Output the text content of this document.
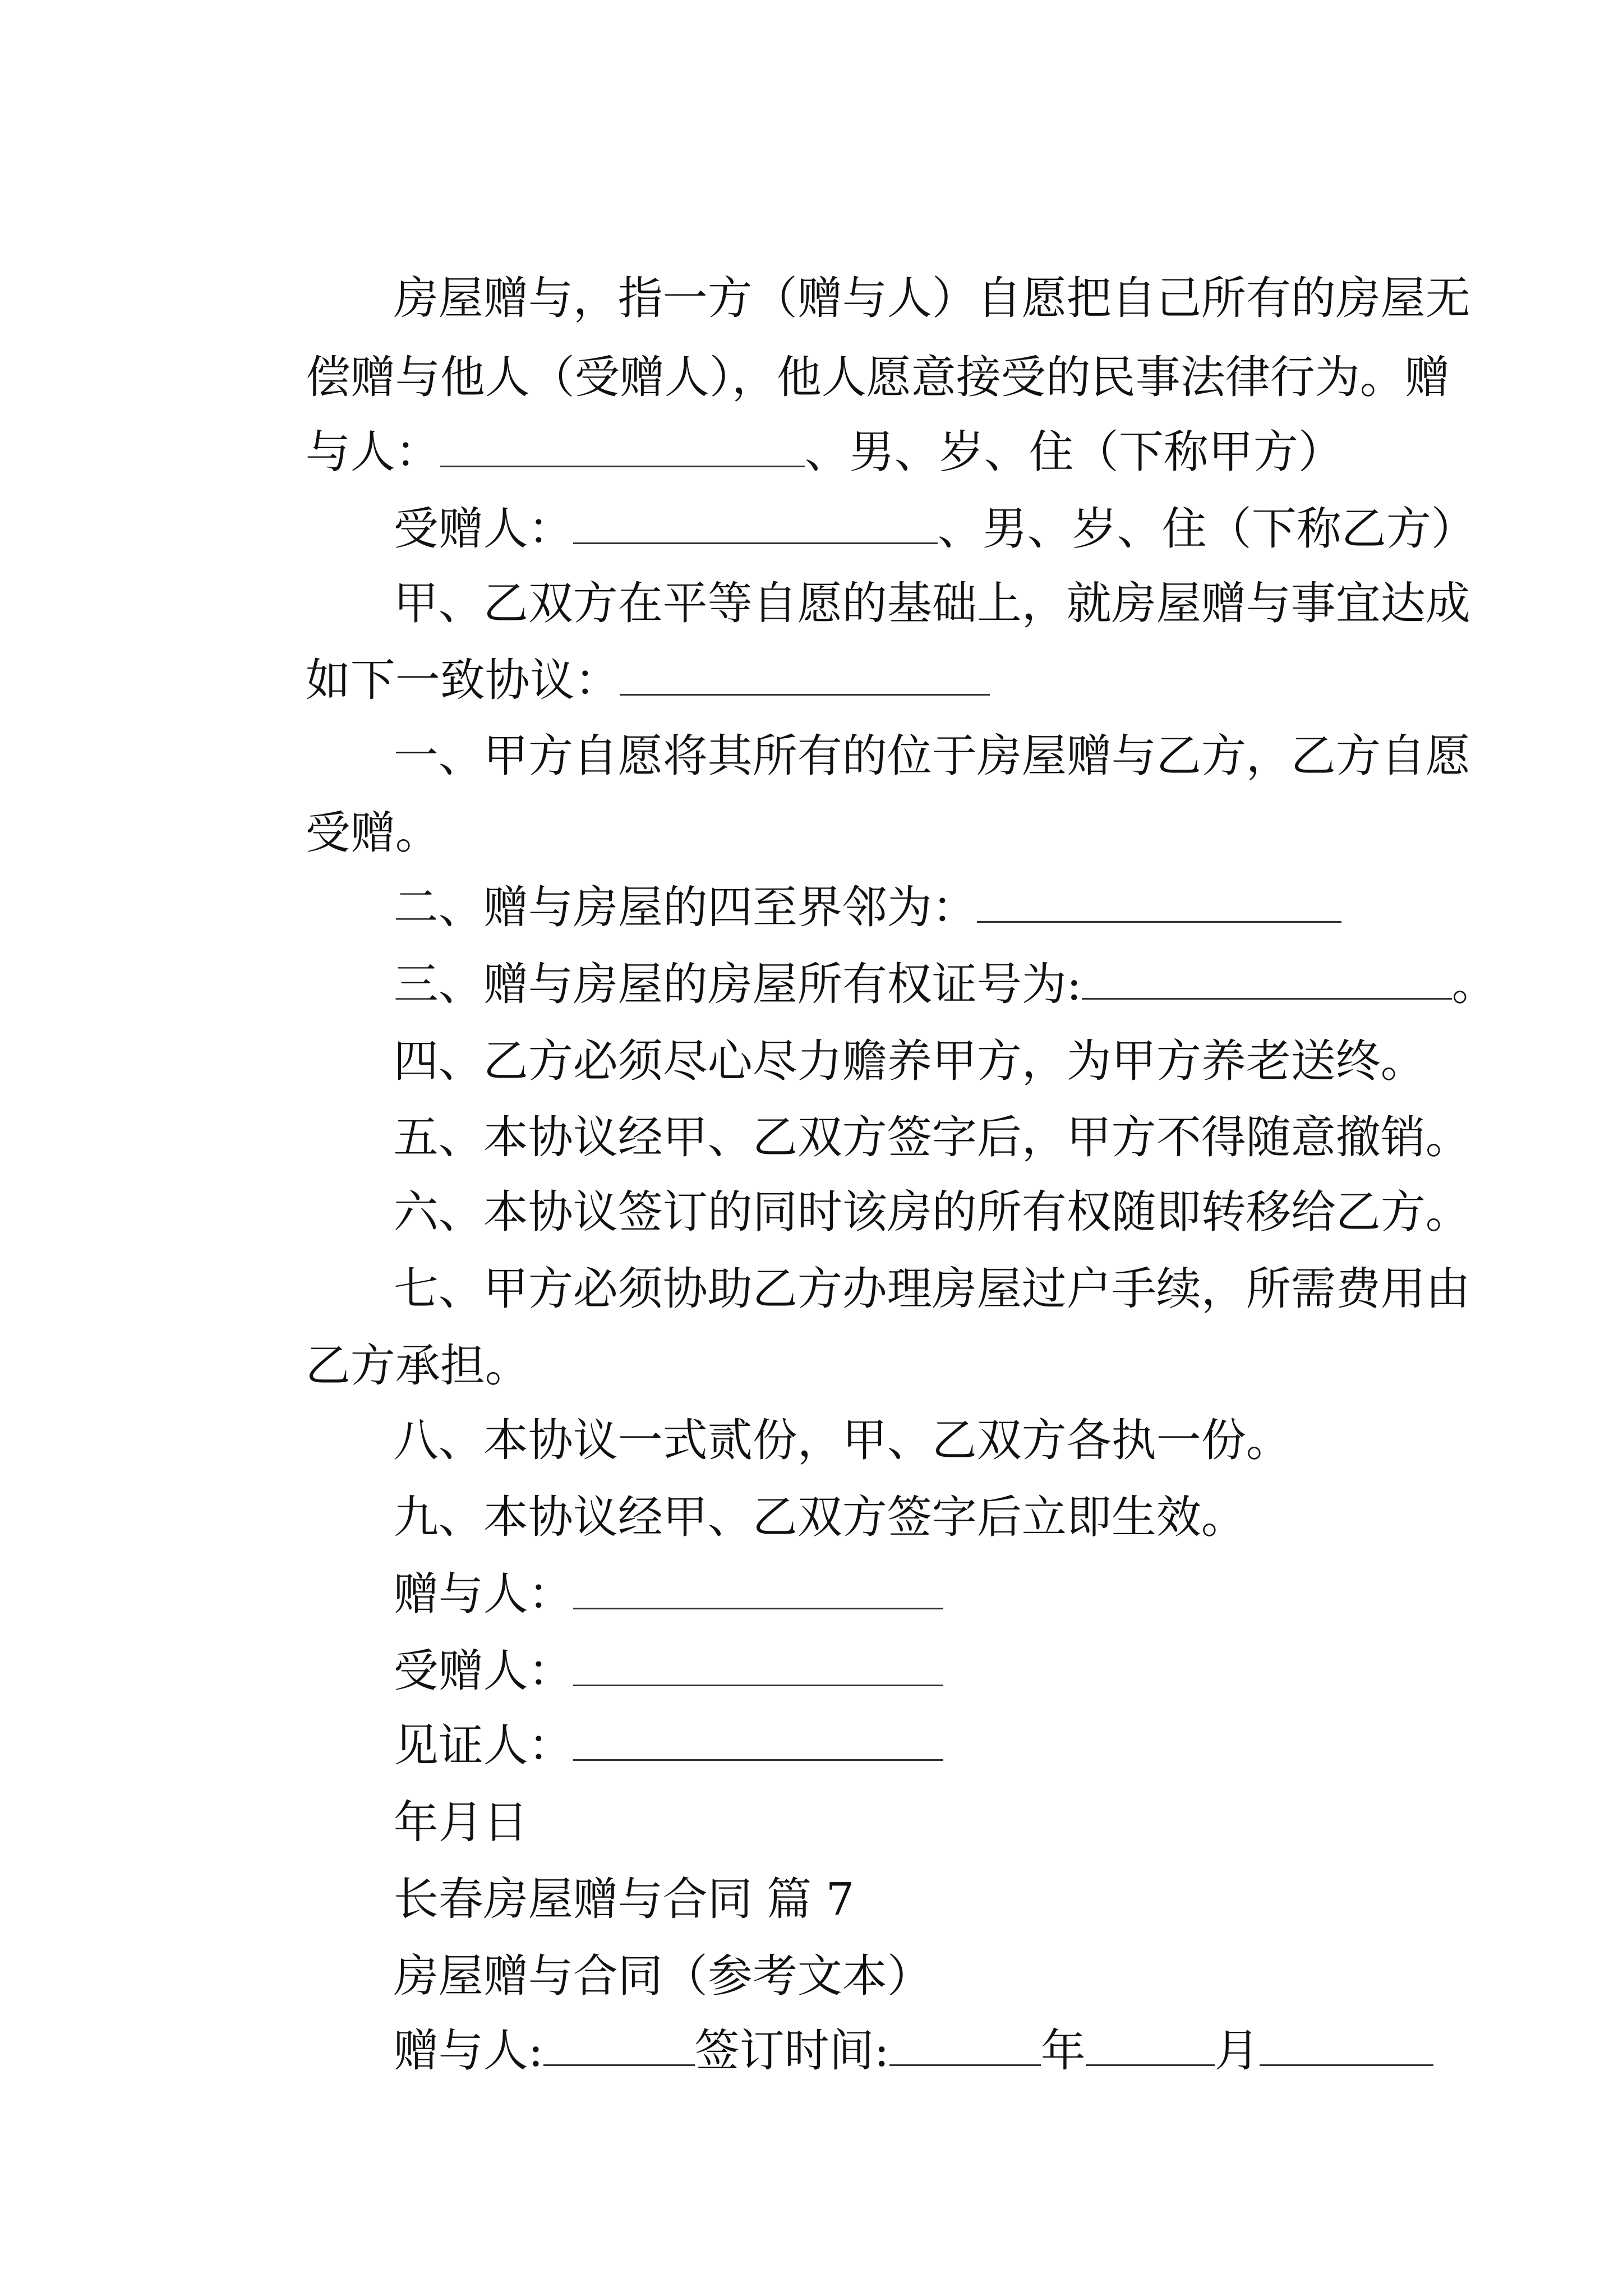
房屋赠与，指一方（赠与人）自愿把自己所有的房屋无

偿赠与他人（受赠人），他人愿意接受的民事法律行为。赠

与人：	、男、岁、住（下称甲方）

受赠人：	、男、岁、住（下称乙方）

甲、乙双方在平等自愿的基础上，就房屋赠与事宜达成

如下一致协议：

一、甲方自愿将其所有的位于房屋赠与乙方，乙方自愿

受赠。

二、赠与房屋的四至界邻为：

三、赠与房屋的房屋所有权证号为:	。

四、乙方必须尽心尽力赡养甲方，为甲方养老送终。

五、本协议经甲、乙双方签字后，甲方不得随意撤销。

六、本协议签订的同时该房的所有权随即转移给乙方。

七、甲方必须协助乙方办理房屋过户手续，所需费用由

乙方承担。

八、本协议一式贰份，甲、乙双方各执一份。

九、本协议经甲、乙双方签字后立即生效。

赠与人：

受赠人：

见证人：

年月日

长春房屋赠与合同 篇 7

房屋赠与合同（参考文本）

赠与人:	签订时间:	年	月
